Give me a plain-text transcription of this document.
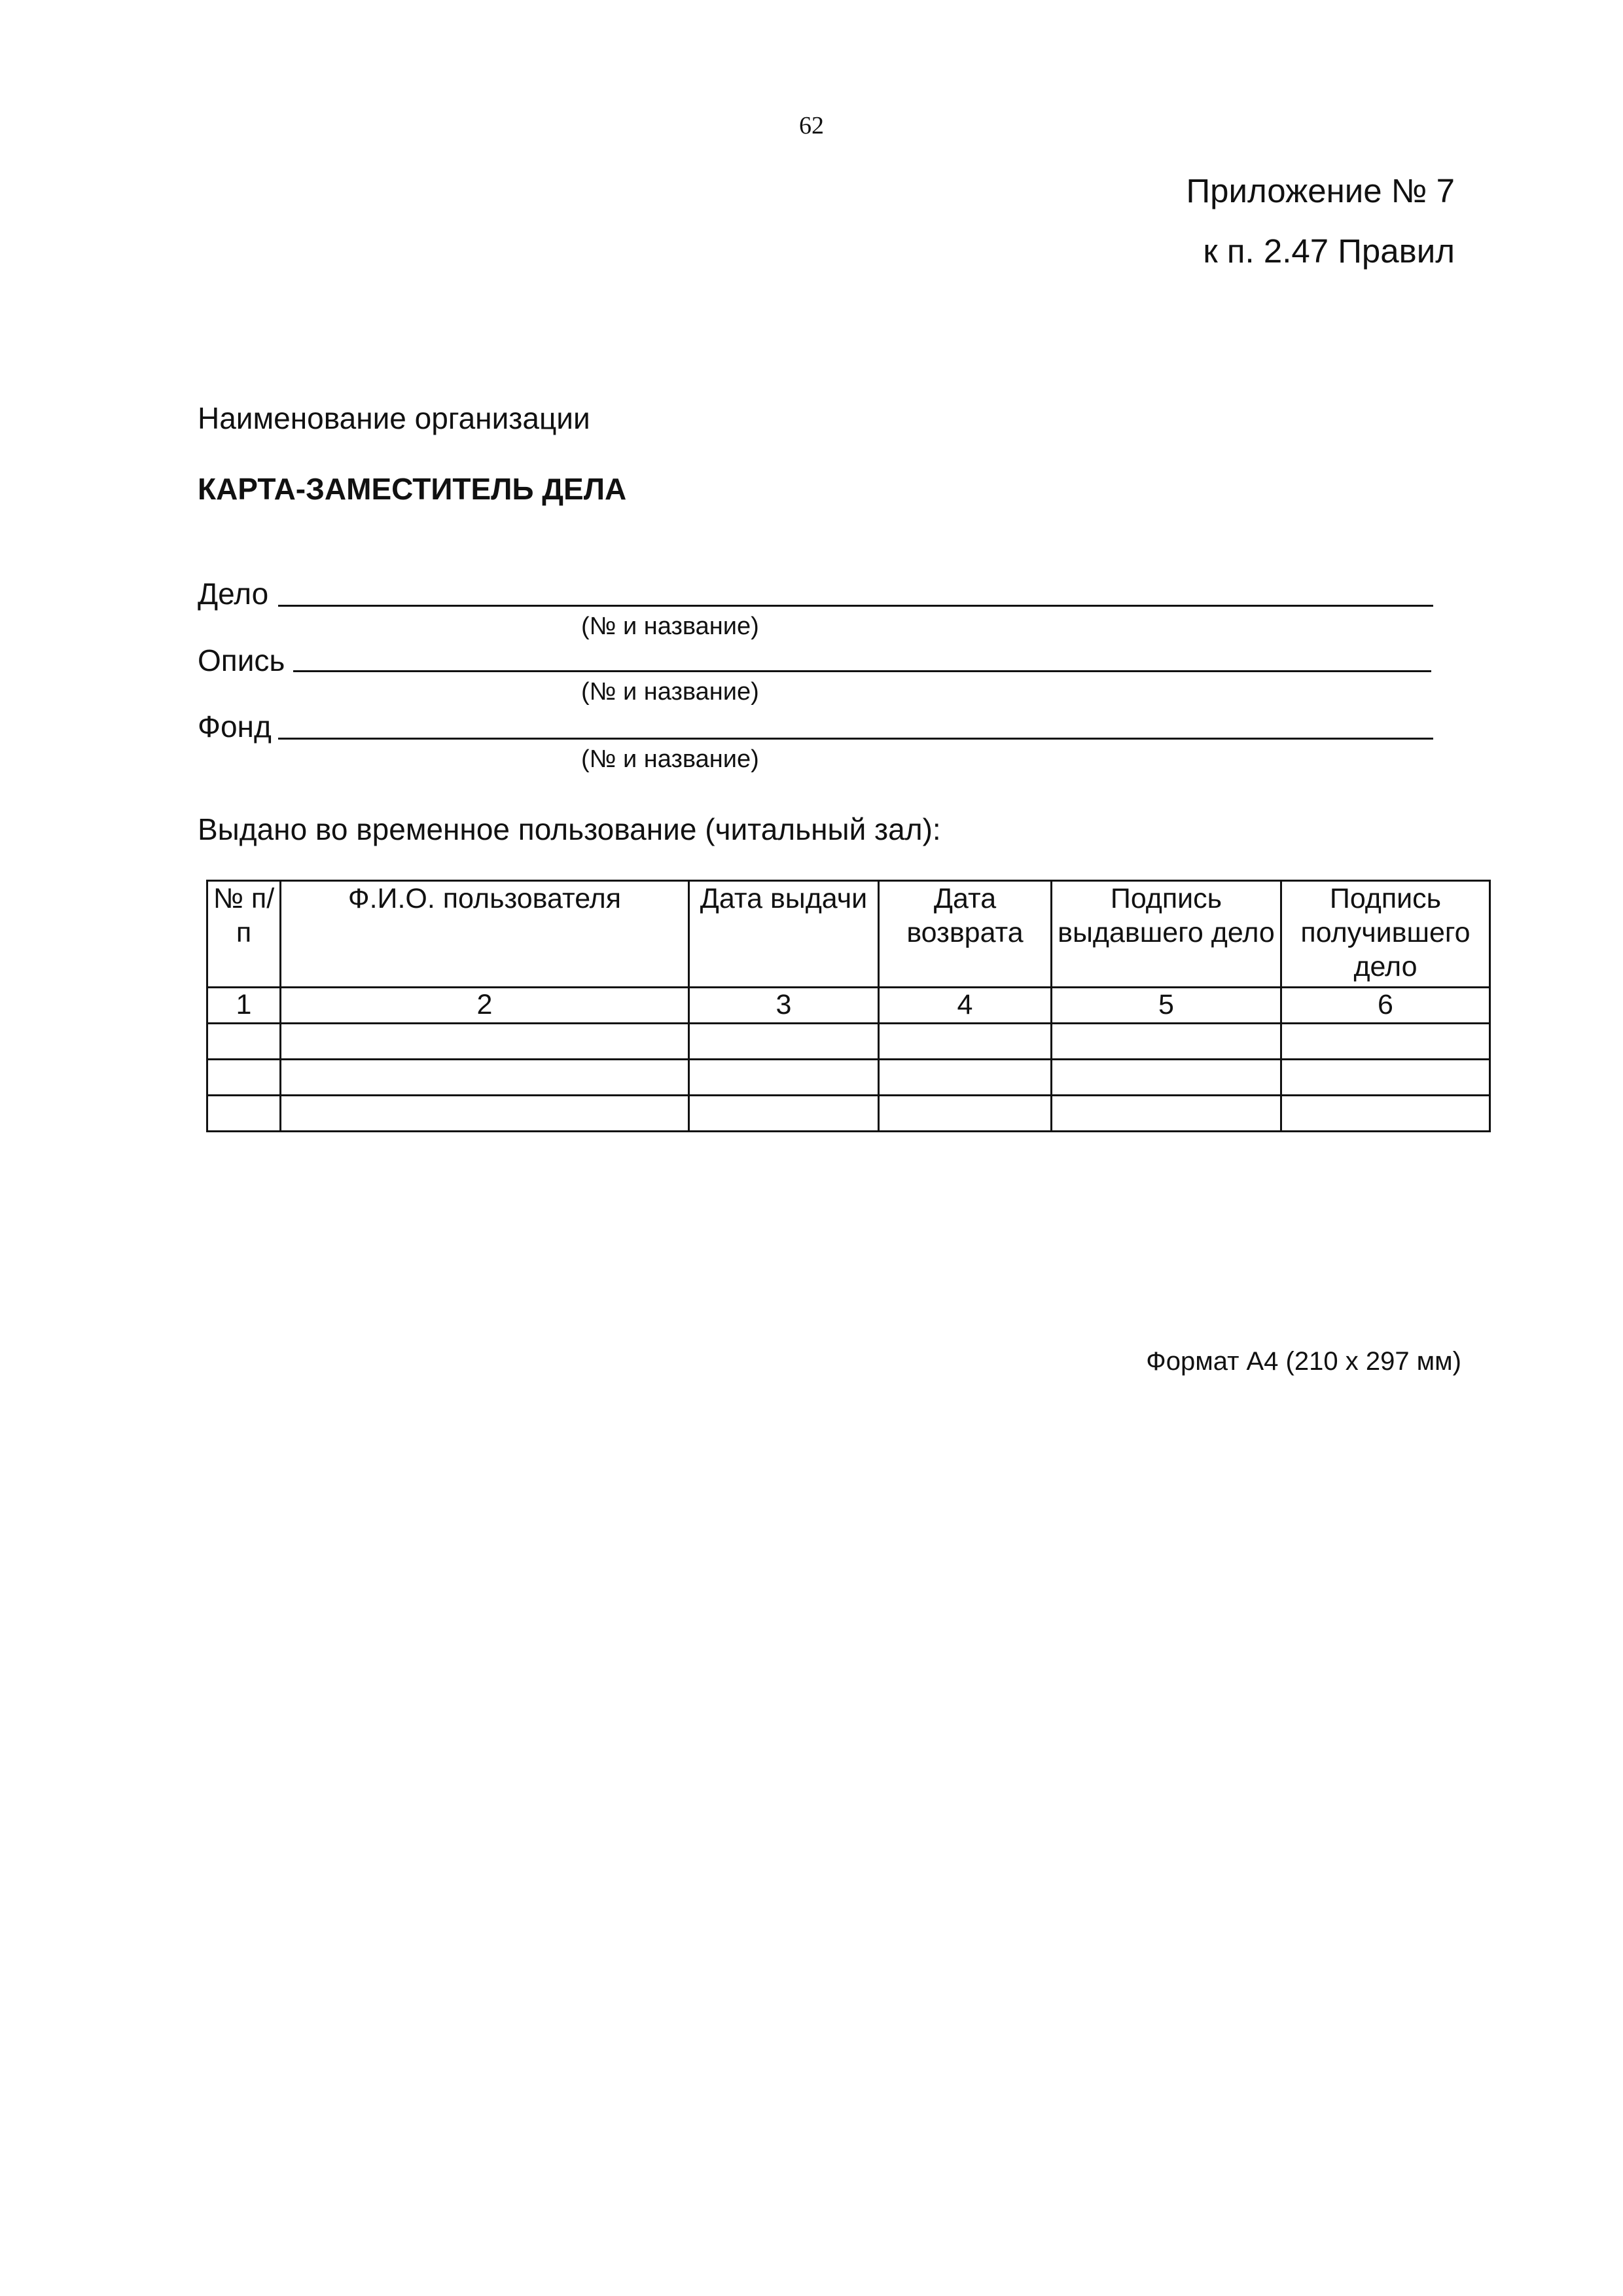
62
Приложение № 7
к п. 2.47 Правил
Наименование организации
КАРТА-ЗАМЕСТИТЕЛЬ ДЕЛА
Дело
(№ и название)
Опись
(№ и название)
Фонд
(№ и название)
Выдано во временное пользование (читальный зал):
№ п/п	Ф.И.О. пользователя	Дата выдачи	Дата возврата	Подпись выдавшего дело	Подпись получившего дело
1	2	3	4	5	6

Формат А4 (210 х 297 мм)
